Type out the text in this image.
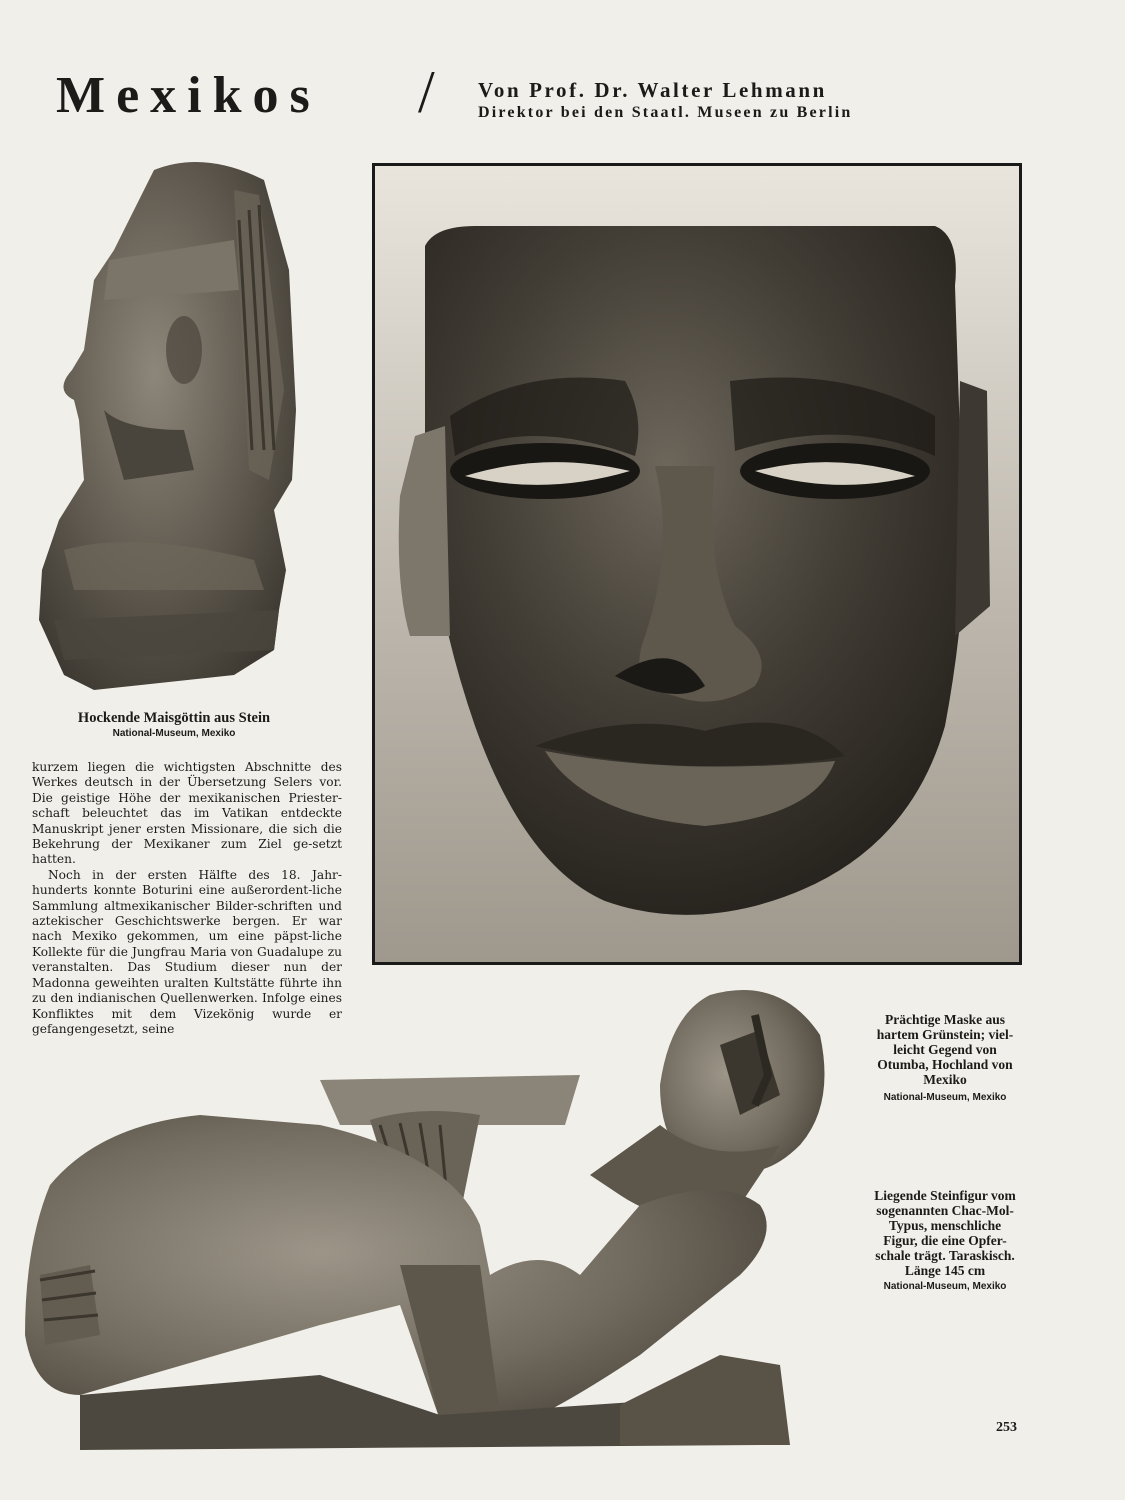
Mexikos / Von Prof. Dr. Walter Lehmann
Direktor bei den Staatl. Museen zu Berlin
Hockende Maisgöttin aus Stein
National-Museum, Mexiko

kurzem liegen die wichtigsten Abschnitte des Werkes deutsch in der Übersetzung Selers vor. Die geistige Höhe der mexikanischen Priester-schaft beleuchtet das im Vatikan entdeckte Manuskript jener ersten Missionare, die sich die Bekehrung der Mexikaner zum Ziel ge-setzt hatten.

Noch in der ersten Hälfte des 18. Jahr-hunderts konnte Boturini eine außerordent-liche Sammlung altmexikanischer Bilder-schriften und aztekischer Geschichtswerke bergen. Er war nach Mexiko gekommen, um eine päpst-liche Kollekte für die Jungfrau Maria von Guadalupe zu veranstalten. Das Studium dieser nun der Madonna geweihten uralten Kultstätte führte ihn zu den indianischen Quellenwerken. Infolge eines Konfliktes mit dem Vizekönig wurde er gefangengesetzt, seine

Prächtige Maske aus
hartem Grünstein; viel-
leicht Gegend von
Otumba, Hochland von
Mexiko
National-Museum, Mexiko
Liegende Steinfigur vom
sogenannten Chac-Mol-
Typus, menschliche
Figur, die eine Opfer-
schale trägt. Taraskisch.
Länge 145 cm
National-Museum, Mexiko
253
